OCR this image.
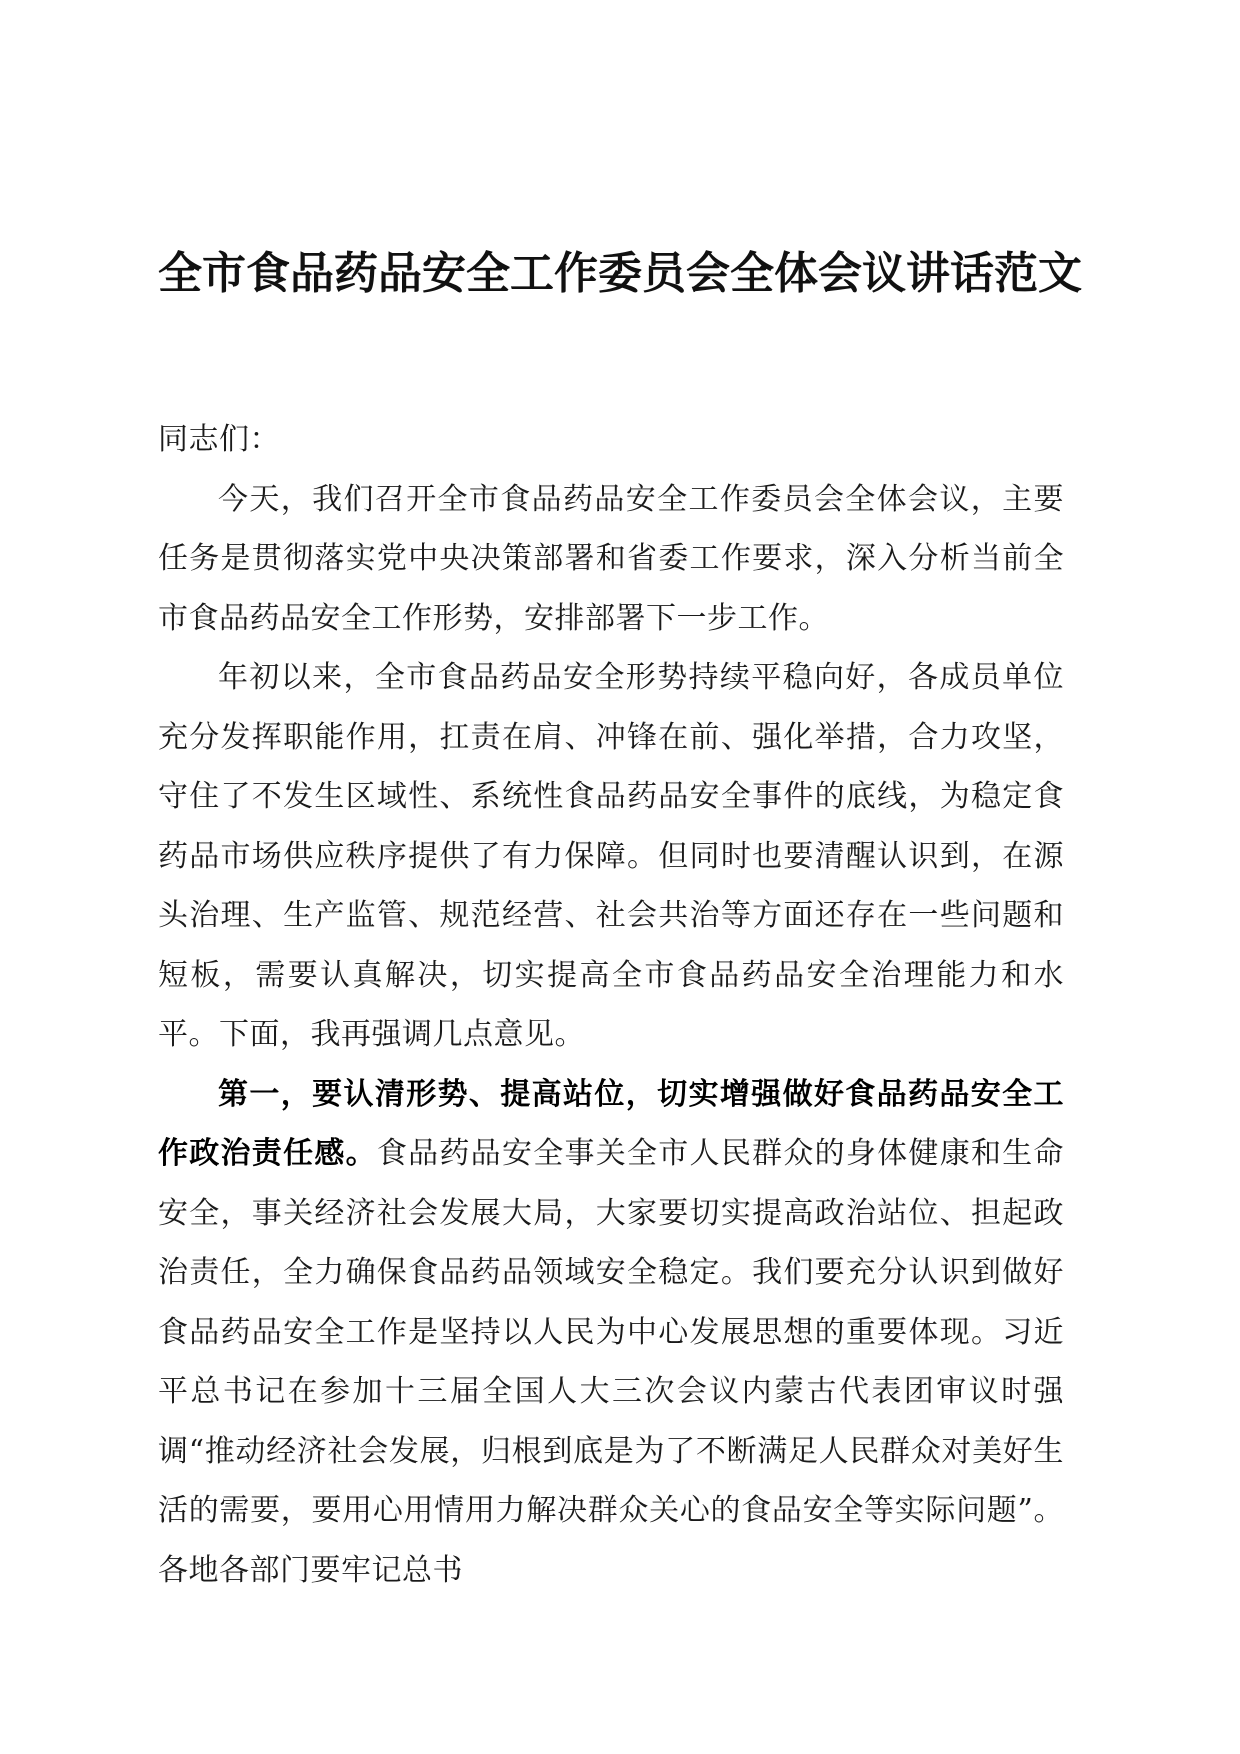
全市食品药品安全工作委员会全体会议讲话范文

同志们：

今天，我们召开全市食品药品安全工作委员会全体会议，主要任务是贯彻落实党中央决策部署和省委工作要求，深入分析当前全市食品药品安全工作形势，安排部署下一步工作。

年初以来，全市食品药品安全形势持续平稳向好，各成员单位充分发挥职能作用，扛责在肩、冲锋在前、强化举措，合力攻坚，守住了不发生区域性、系统性食品药品安全事件的底线，为稳定食药品市场供应秩序提供了有力保障。但同时也要清醒认识到，在源头治理、生产监管、规范经营、社会共治等方面还存在一些问题和短板，需要认真解决，切实提高全市食品药品安全治理能力和水平。下面，我再强调几点意见。

第一，要认清形势、提高站位，切实增强做好食品药品安全工作政治责任感。食品药品安全事关全市人民群众的身体健康和生命安全，事关经济社会发展大局，大家要切实提高政治站位、担起政治责任，全力确保食品药品领域安全稳定。我们要充分认识到做好食品药品安全工作是坚持以人民为中心发展思想的重要体现。习近平总书记在参加十三届全国人大三次会议内蒙古代表团审议时强调“推动经济社会发展，归根到底是为了不断满足人民群众对美好生活的需要，要用心用情用力解决群众关心的食品安全等实际问题”。各地各部门要牢记总书
